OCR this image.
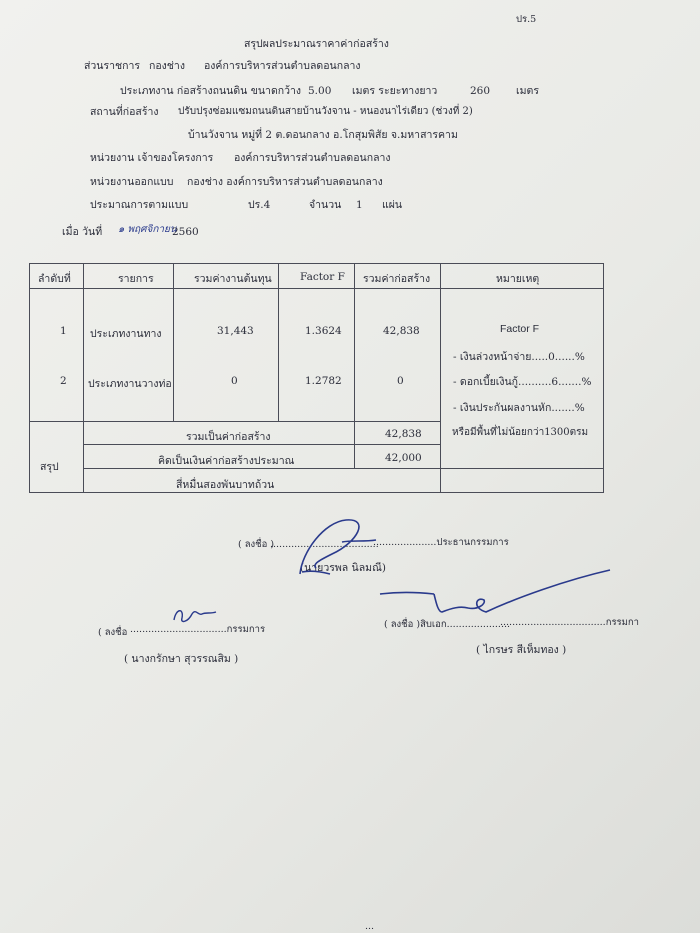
ปร.5
สรุปผลประมาณราคาค่าก่อสร้าง
ส่วนราชการ กองช่าง องค์การบริหารส่วนตำบลดอนกลาง
ประเภทงาน ก่อสร้างถนนดิน ขนาดกว้าง 5.00 เมตร ระยะทางยาว	260 เมตร
สถานที่ก่อสร้าง ปรับปรุงซ่อมแซมถนนดินสายบ้านวังจาน - หนองนาไร่เดียว (ช่วงที่ 2)
บ้านวังจาน หมู่ที่ 2 ต.ดอนกลาง อ.โกสุมพิสัย จ.มหาสารคาม
หน่วยงาน เจ้าของโครงการ องค์การบริหารส่วนตำบลดอนกลาง
หน่วยงานออกแบบ กองช่าง องค์การบริหารส่วนตำบลดอนกลาง
ประมาณการตามแบบ	ปร.4	จำนวน 1 แผ่น
เมื่อ วันที่ ๑ พฤศจิกายน
2560

ลำดับที่	รายการ	รวมค่างานต้นทุน	Factor F รวมค่าก่อสร้าง	หมายเหตุ
1 ประเภทงานทาง	31,443	1.3624	42,838
2 ประเภทงานวางท่อ	0	1.2782	0
Factor F
- เงินล่วงหน้าจ่าย.....0......%
- ดอกเบี้ยเงินกู้..........6.......%
- เงินประกันผลงานหัก.......%
หรือมีพื้นที่ไม่น้อยกว่า1300ตรม
สรุป
รวมเป็นค่าก่อสร้าง	42,838
คิดเป็นเงินค่าก่อสร้างประมาณ	42,000
สี่หมื่นสองพันบาทถ้วน
( ลงชื่อ )
....................................
.....................ประธานกรรมการ
(นายวรพล นิลมณี)
( ลงชื่อ ................................กรรมการ
( นางกรักษา สุวรรณสิม )
( ลงชื่อ )สิบเอก.....................
...................................กรรมกา
( ไกรษร สีเห็มทอง )
...
